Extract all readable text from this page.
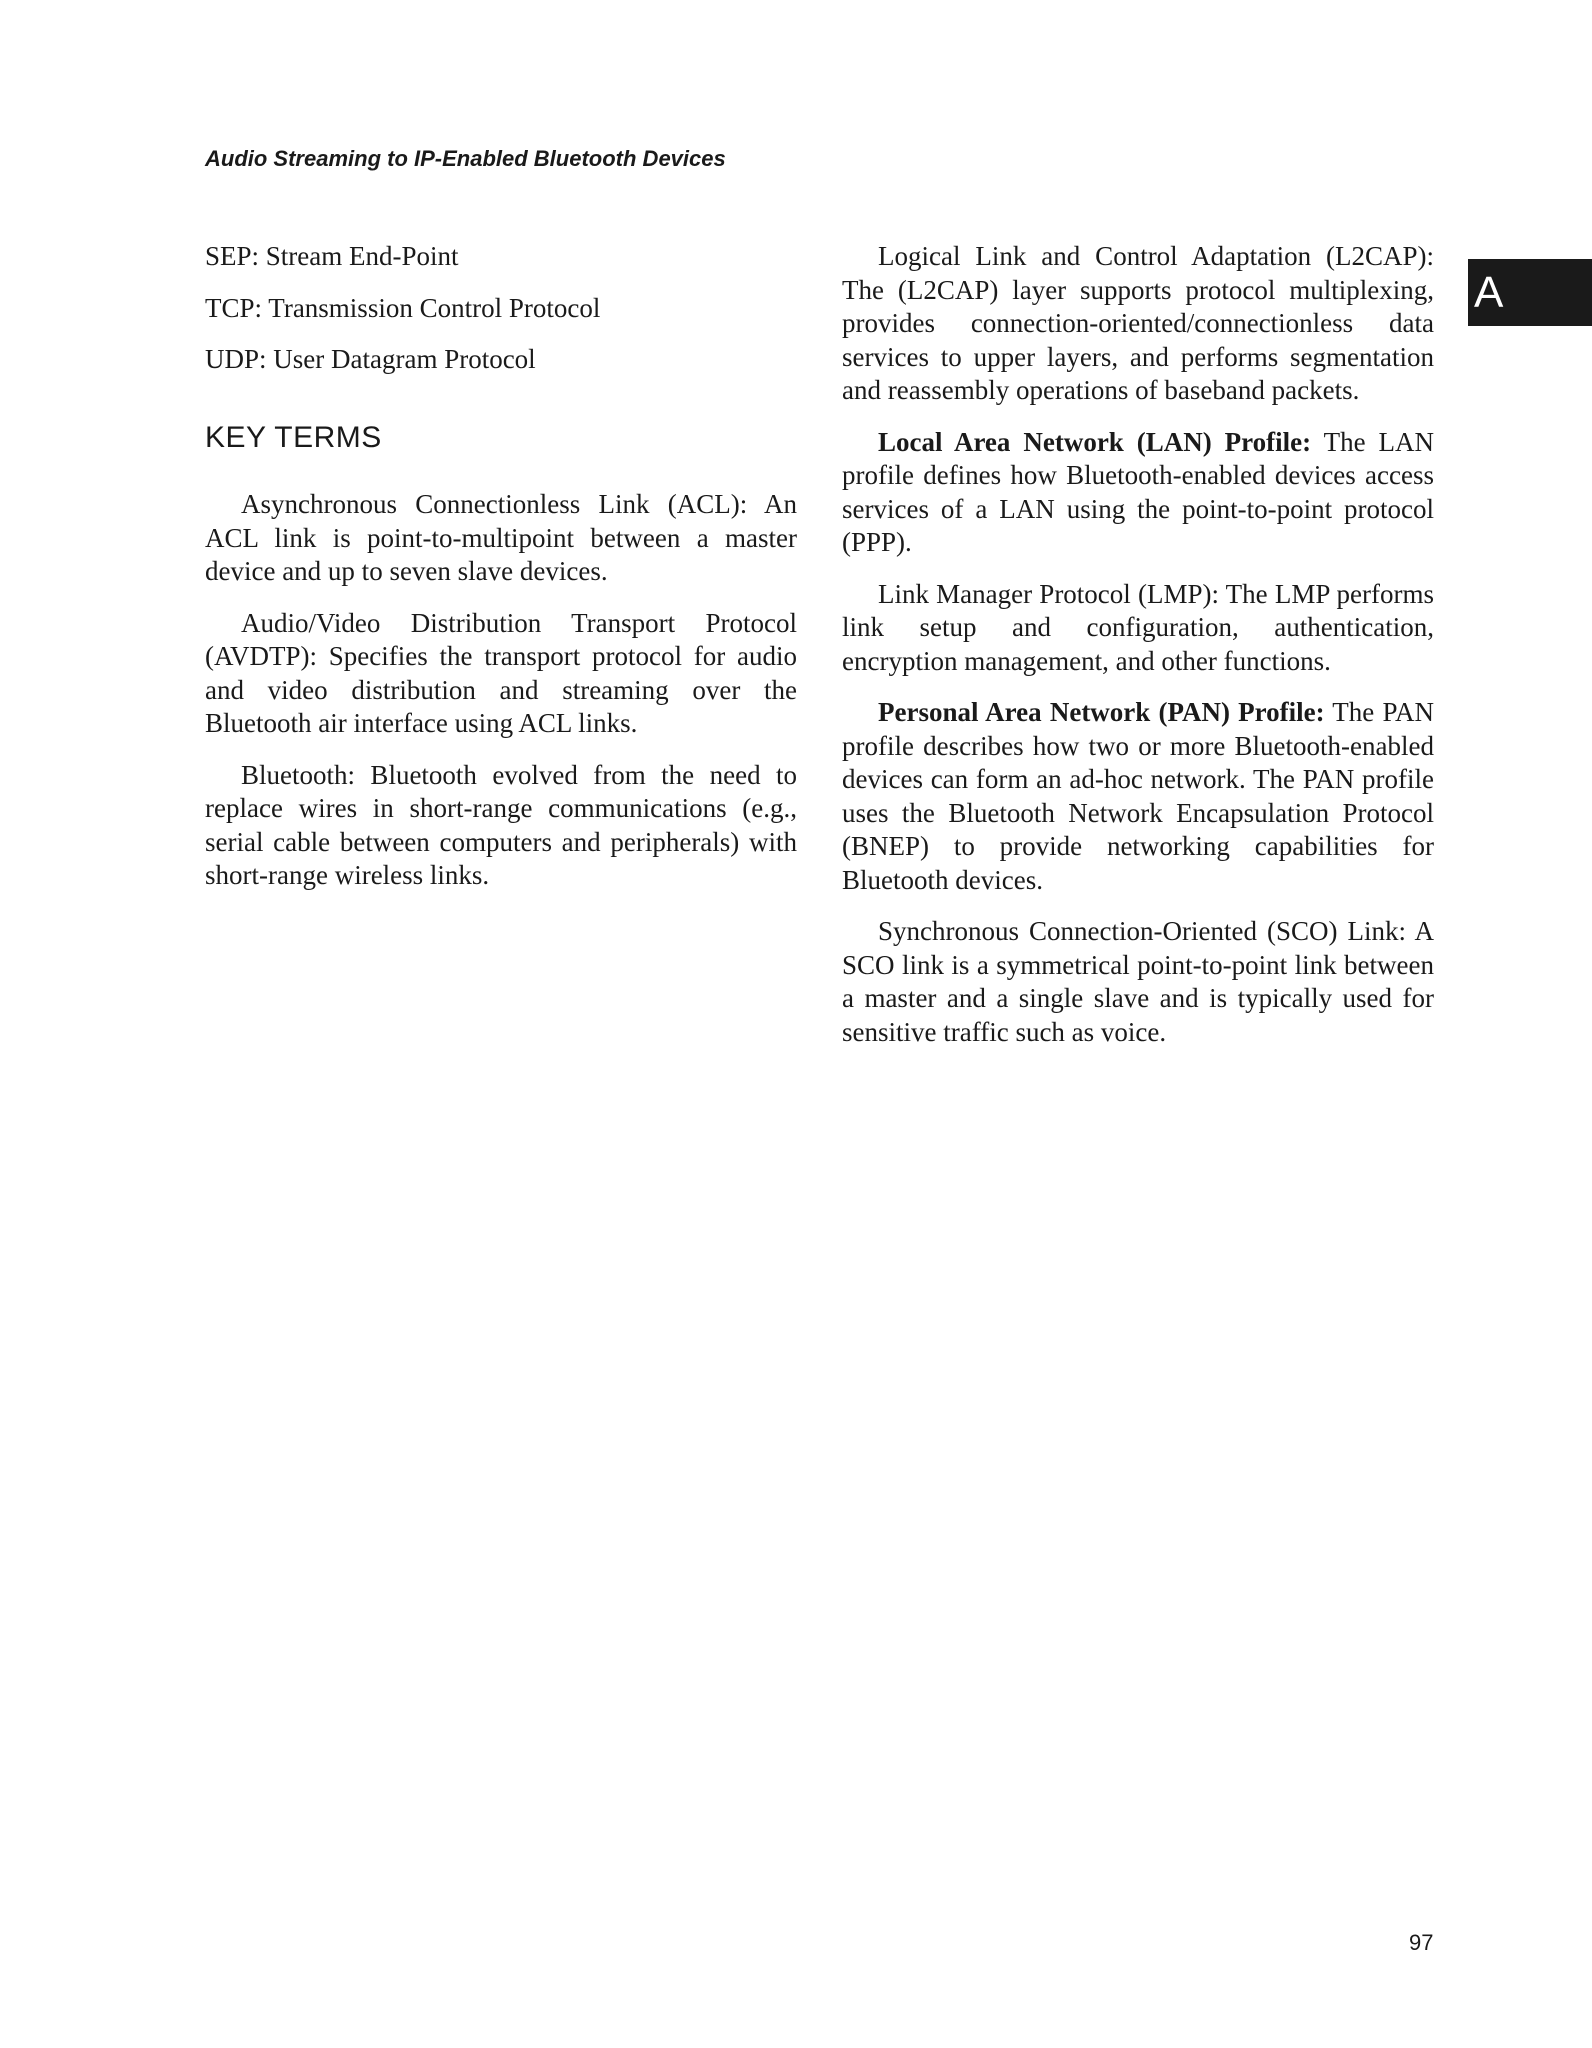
Audio Streaming to IP-Enabled Bluetooth Devices
A

SEP: Stream End-Point

TCP: Transmission Control Protocol

UDP: User Datagram Protocol

KEY TERMS

Asynchronous Connectionless Link (ACL): An ACL link is point-to-multipoint between a master device and up to seven slave devices.

Audio/Video Distribution Transport Protocol (AVDTP): Specifies the transport protocol for audio and video distribution and streaming over the Bluetooth air interface using ACL links.

Bluetooth: Bluetooth evolved from the need to replace wires in short-range communications (e.g., serial cable between computers and peripherals) with short-range wireless links.

Logical Link and Control Adaptation (L2CAP): The (L2CAP) layer supports protocol multiplexing, provides connection-oriented/connectionless data services to upper layers, and performs segmentation and reassembly operations of baseband packets.

Local Area Network (LAN) Profile: The LAN profile defines how Bluetooth-enabled devices access services of a LAN using the point-to-point protocol (PPP).

Link Manager Protocol (LMP): The LMP performs link setup and configuration, authentication, encryption management, and other functions.

Personal Area Network (PAN) Profile: The PAN profile describes how two or more Bluetooth-enabled devices can form an ad-hoc network. The PAN profile uses the Bluetooth Network Encapsulation Protocol (BNEP) to provide networking capabilities for Bluetooth devices.

Synchronous Connection-Oriented (SCO) Link: A SCO link is a symmetrical point-to-point link between a master and a single slave and is typically used for sensitive traffic such as voice.

97
